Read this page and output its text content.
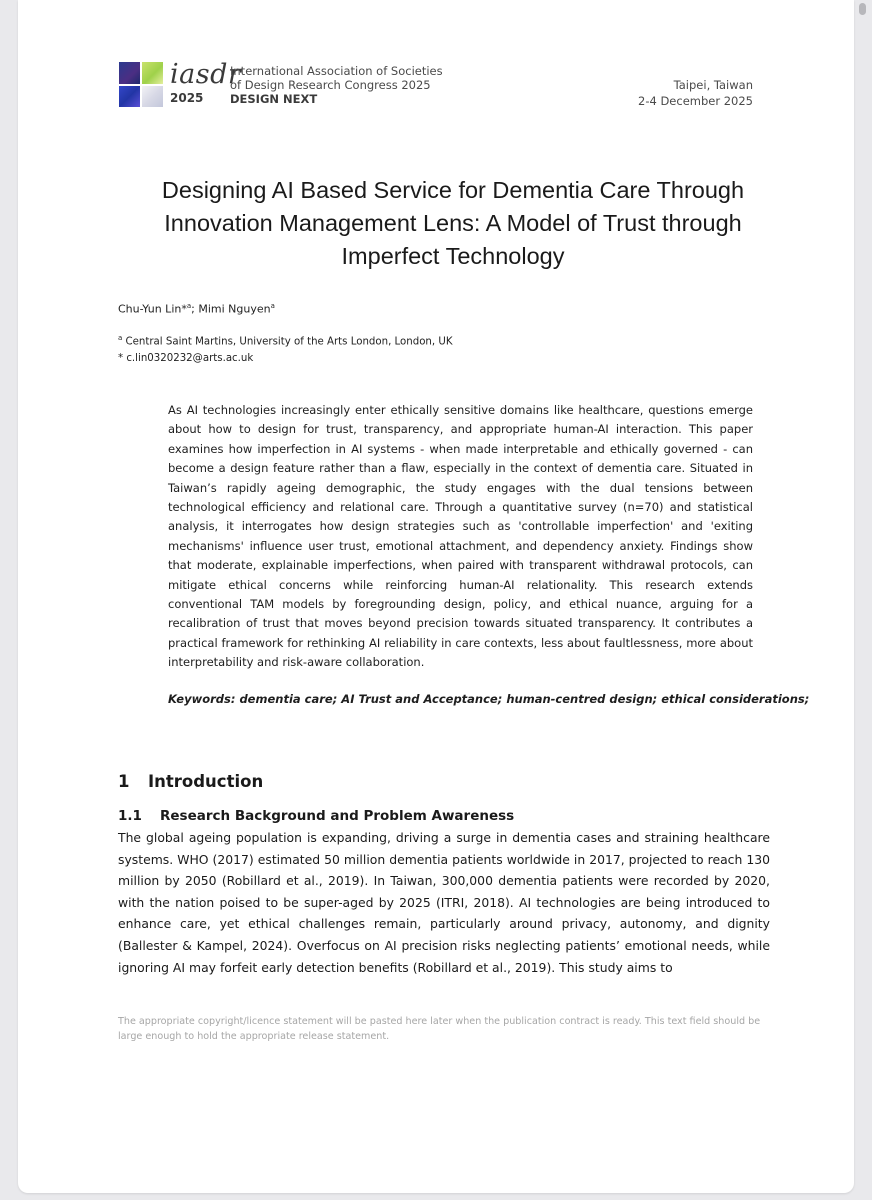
iasdr
2025
International Association of Societies
of Design Research Congress 2025
DESIGN NEXT
Taipei, Taiwan
2-4 December 2025
Designing AI Based Service for Dementia Care Through Innovation Management Lens: A Model of Trust through Imperfect Technology
Chu-Yun Lin*$^a$; Mimi Nguyen$^a$
$^a$ Central Saint Martins, University of the Arts London, London, UK
* c.lin0320232@arts.ac.uk

As AI technologies increasingly enter ethically sensitive domains like healthcare, questions emerge about how to design for trust, transparency, and appropriate human-AI interaction. This paper examines how imperfection in AI systems - when made interpretable and ethically governed - can become a design feature rather than a flaw, especially in the context of dementia care. Situated in Taiwan’s rapidly ageing demographic, the study engages with the dual tensions between technological efficiency and relational care. Through a quantitative survey (n=70) and statistical analysis, it interrogates how design strategies such as 'controllable imperfection' and 'exiting mechanisms' influence user trust, emotional attachment, and dependency anxiety. Findings show that moderate, explainable imperfections, when paired with transparent withdrawal protocols, can mitigate ethical concerns while reinforcing human-AI relationality. This research extends conventional TAM models by foregrounding design, policy, and ethical nuance, arguing for a recalibration of trust that moves beyond precision towards situated transparency. It contributes a practical framework for rethinking AI reliability in care contexts, less about faultlessness, more about interpretability and risk-aware collaboration.

Keywords: dementia care; AI Trust and Acceptance; human-centred design; ethical considerations;
1 Introduction
1.1 Research Background and Problem Awareness

The global ageing population is expanding, driving a surge in dementia cases and straining healthcare systems. WHO (2017) estimated 50 million dementia patients worldwide in 2017, projected to reach 130 million by 2050 (Robillard et al., 2019). In Taiwan, 300,000 dementia patients were recorded by 2020, with the nation poised to be super-aged by 2025 (ITRI, 2018). AI technologies are being introduced to enhance care, yet ethical challenges remain, particularly around privacy, autonomy, and dignity (Ballester & Kampel, 2024). Overfocus on AI precision risks neglecting patients’ emotional needs, while ignoring AI may forfeit early detection benefits (Robillard et al., 2019). This study aims to

The appropriate copyright/licence statement will be pasted here later when the publication contract is ready. This text field should be large enough to hold the appropriate release statement.
